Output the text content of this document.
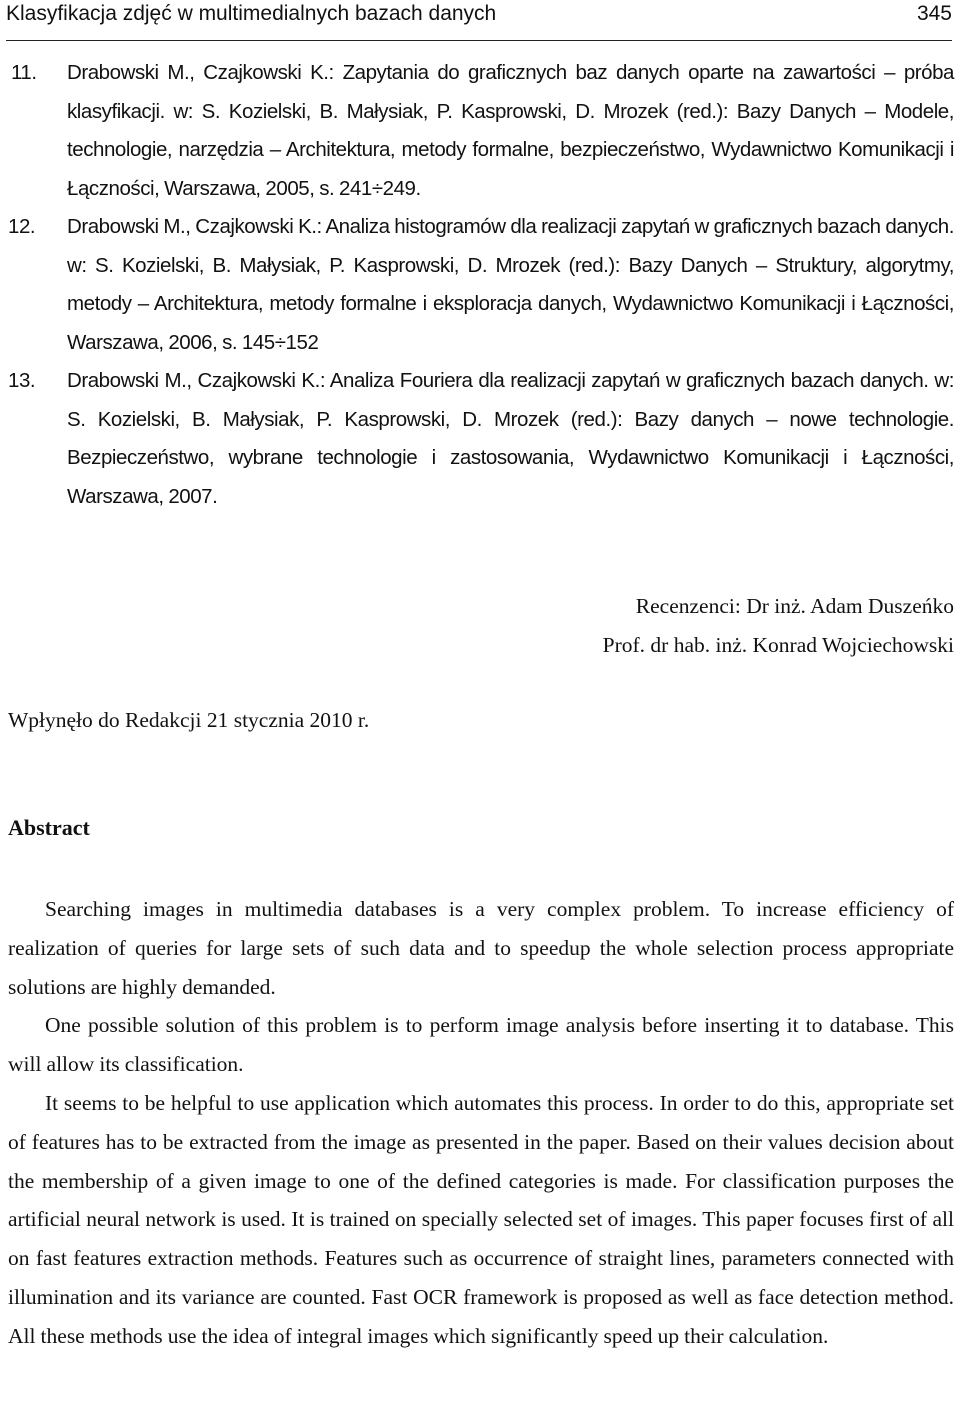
Klasyfikacja zdjęć w multimedialnych bazach danych	345
11. Drabowski M., Czajkowski K.: Zapytania do graficznych baz danych oparte na zawartości – próba klasyfikacji. w: S. Kozielski, B. Małysiak, P. Kasprowski, D. Mrozek (red.): Bazy Danych – Modele, technologie, narzędzia – Architektura, metody formalne, bezpieczeństwo, Wydawnictwo Komunikacji i Łączności, Warszawa, 2005, s. 241÷249.
12. Drabowski M., Czajkowski K.: Analiza histogramów dla realizacji zapytań w graficznych bazach danych. w: S. Kozielski, B. Małysiak, P. Kasprowski, D. Mrozek (red.): Bazy Danych – Struktury, algorytmy, metody – Architektura, metody formalne i eksploracja danych, Wydawnictwo Komunikacji i Łączności, Warszawa, 2006, s. 145÷152
13. Drabowski M., Czajkowski K.: Analiza Fouriera dla realizacji zapytań w graficznych bazach danych. w: S. Kozielski, B. Małysiak, P. Kasprowski, D. Mrozek (red.): Bazy danych – nowe technologie. Bezpieczeństwo, wybrane technologie i zastosowania, Wydawnictwo Komunikacji i Łączności, Warszawa, 2007.
Recenzenci: Dr inż. Adam Duszeńko
Prof. dr hab. inż. Konrad Wojciechowski
Wpłynęło do Redakcji 21 stycznia 2010 r.
Abstract

Searching images in multimedia databases is a very complex problem. To increase efficiency of realization of queries for large sets of such data and to speedup the whole selection process appropriate solutions are highly demanded.

One possible solution of this problem is to perform image analysis before inserting it to database. This will allow its classification.

It seems to be helpful to use application which automates this process. In order to do this, appropriate set of features has to be extracted from the image as presented in the paper. Based on their values decision about the membership of a given image to one of the defined categories is made. For classification purposes the artificial neural network is used. It is trained on specially selected set of images. This paper focuses first of all on fast features extraction methods. Features such as occurrence of straight lines, parameters connected with illumination and its variance are counted. Fast OCR framework is proposed as well as face detection method. All these methods use the idea of integral images which significantly speed up their calculation.
